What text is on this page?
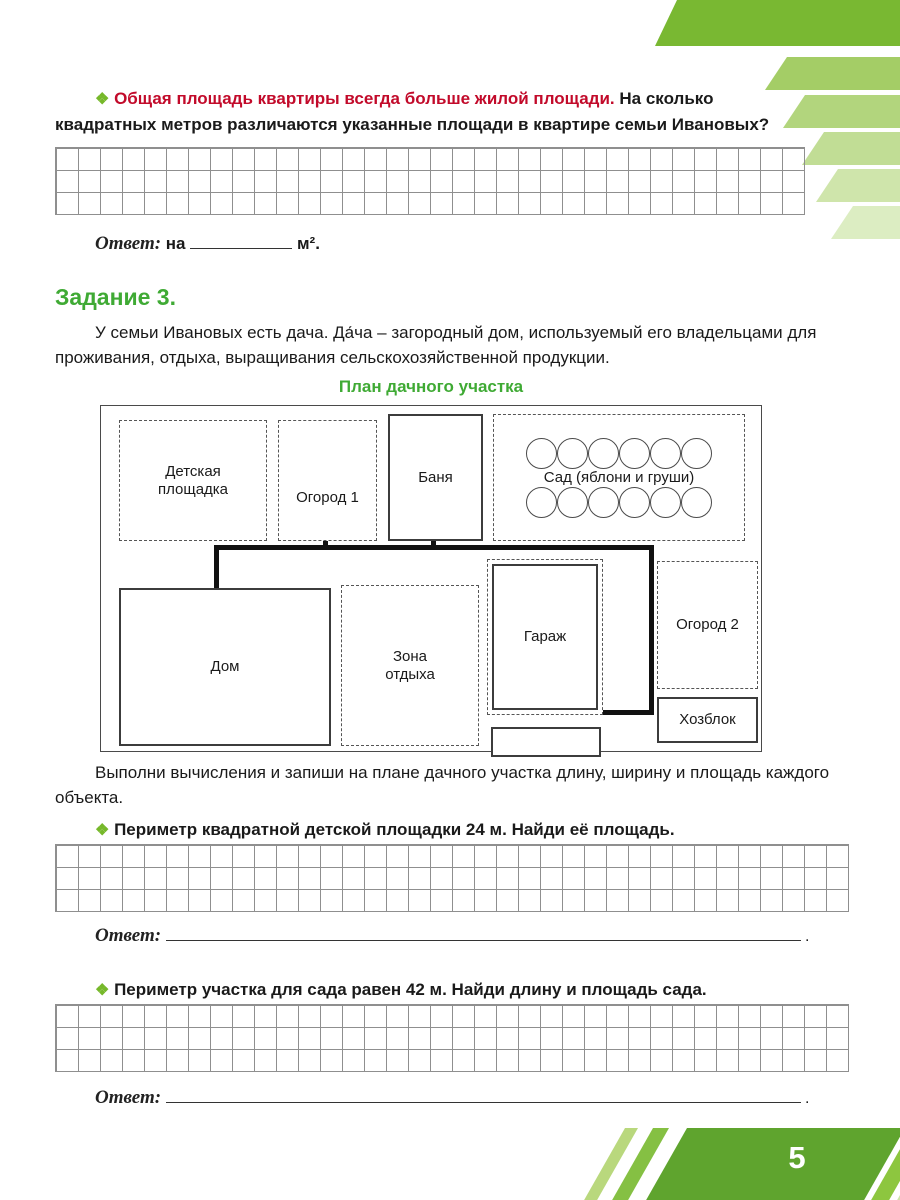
❖ Общая площадь квартиры всегда больше жилой площади. На сколько квадратных метров различаются указанные площади в квартире семьи Ивановых?

Ответ: на	м².

Задание 3.

У семьи Ивановых есть дача. Да́ча – загородный дом, используемый его владельцами для проживания, отдыха, выращивания сельскохозяйственной продукции.

План дачного участка
Детская площадка	Огород 1
Баня	Сад (яблони и груши)
Дом
Зона отдыха
Гараж
Огород 2
Хозблок

Выполни вычисления и запиши на плане дачного участка длину, ширину и площадь каждого объекта.

❖ Периметр квадратной детской площадки 24 м. Найди её площадь.

Ответ:	.

❖ Периметр участка для сада равен 42 м. Найди длину и площадь сада.

Ответ:	.

5
